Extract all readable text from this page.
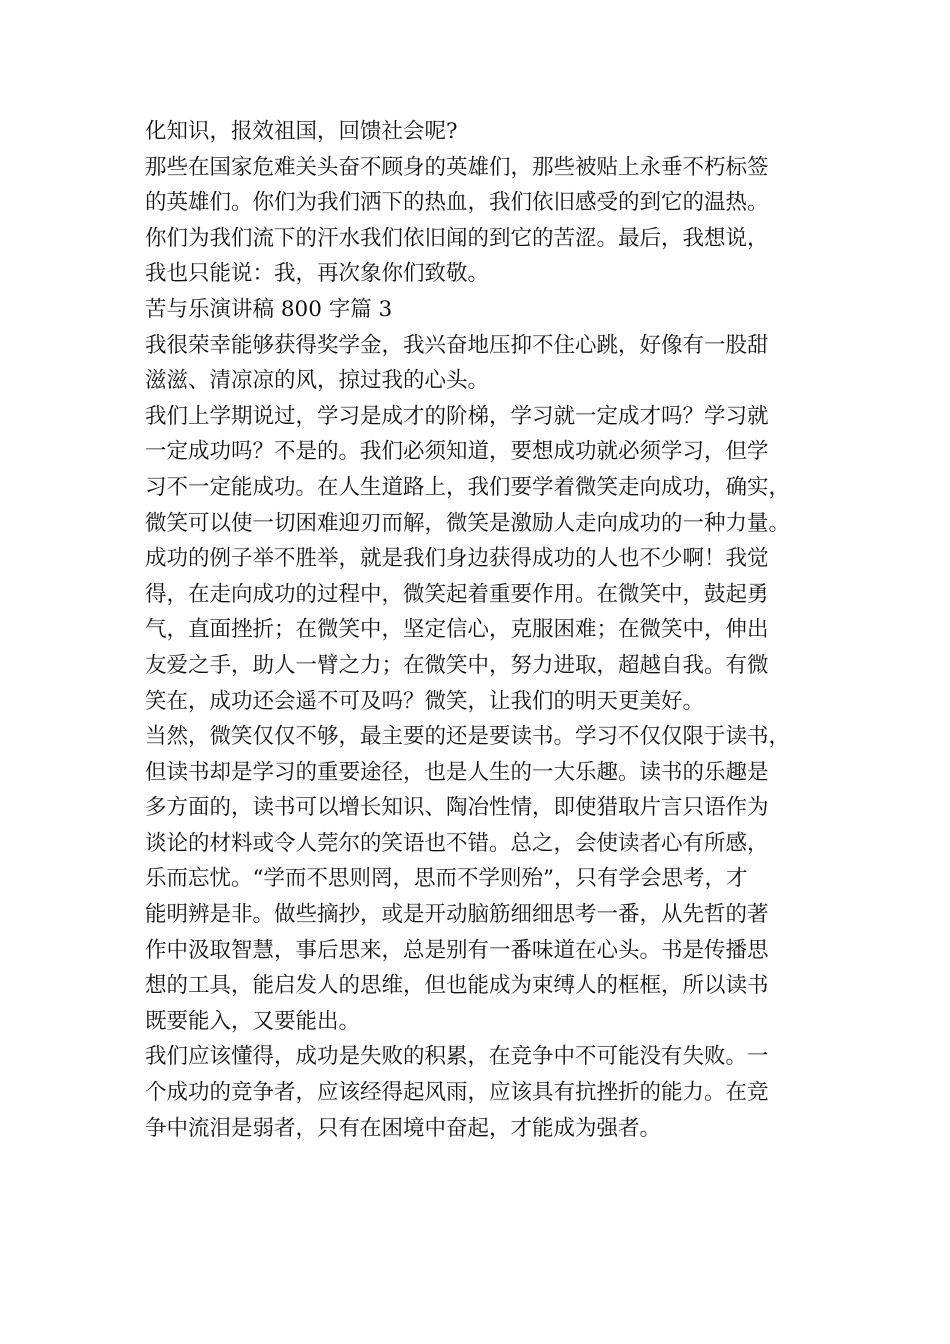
化知识，报效祖国，回馈社会呢?
那些在国家危难关头奋不顾身的英雄们，那些被贴上永垂不朽标签
的英雄们。你们为我们洒下的热血，我们依旧感受的到它的温热。
你们为我们流下的汗水我们依旧闻的到它的苦涩。最后，我想说，
我也只能说：我，再次象你们致敬。
苦与乐演讲稿 800 字篇 3
我很荣幸能够获得奖学金，我兴奋地压抑不住心跳，好像有一股甜
滋滋、清凉凉的风，掠过我的心头。
我们上学期说过，学习是成才的阶梯，学习就一定成才吗？学习就
一定成功吗？不是的。我们必须知道，要想成功就必须学习，但学
习不一定能成功。在人生道路上，我们要学着微笑走向成功，确实，
微笑可以使一切困难迎刃而解，微笑是激励人走向成功的一种力量。
成功的例子举不胜举，就是我们身边获得成功的人也不少啊！我觉
得，在走向成功的过程中，微笑起着重要作用。在微笑中，鼓起勇
气，直面挫折；在微笑中，坚定信心，克服困难；在微笑中，伸出
友爱之手，助人一臂之力；在微笑中，努力进取，超越自我。有微
笑在，成功还会遥不可及吗？微笑，让我们的明天更美好。
当然，微笑仅仅不够，最主要的还是要读书。学习不仅仅限于读书，
但读书却是学习的重要途径，也是人生的一大乐趣。读书的乐趣是
多方面的，读书可以增长知识、陶冶性情，即使猎取片言只语作为
谈论的材料或令人莞尔的笑语也不错。总之，会使读者心有所感，
乐而忘忧。“学而不思则罔，思而不学则殆”，只有学会思考，才
能明辨是非。做些摘抄，或是开动脑筋细细思考一番，从先哲的著
作中汲取智慧，事后思来，总是别有一番味道在心头。书是传播思
想的工具，能启发人的思维，但也能成为束缚人的框框，所以读书
既要能入，又要能出。
我们应该懂得，成功是失败的积累，在竞争中不可能没有失败。一
个成功的竞争者，应该经得起风雨，应该具有抗挫折的能力。在竞
争中流泪是弱者，只有在困境中奋起，才能成为强者。
